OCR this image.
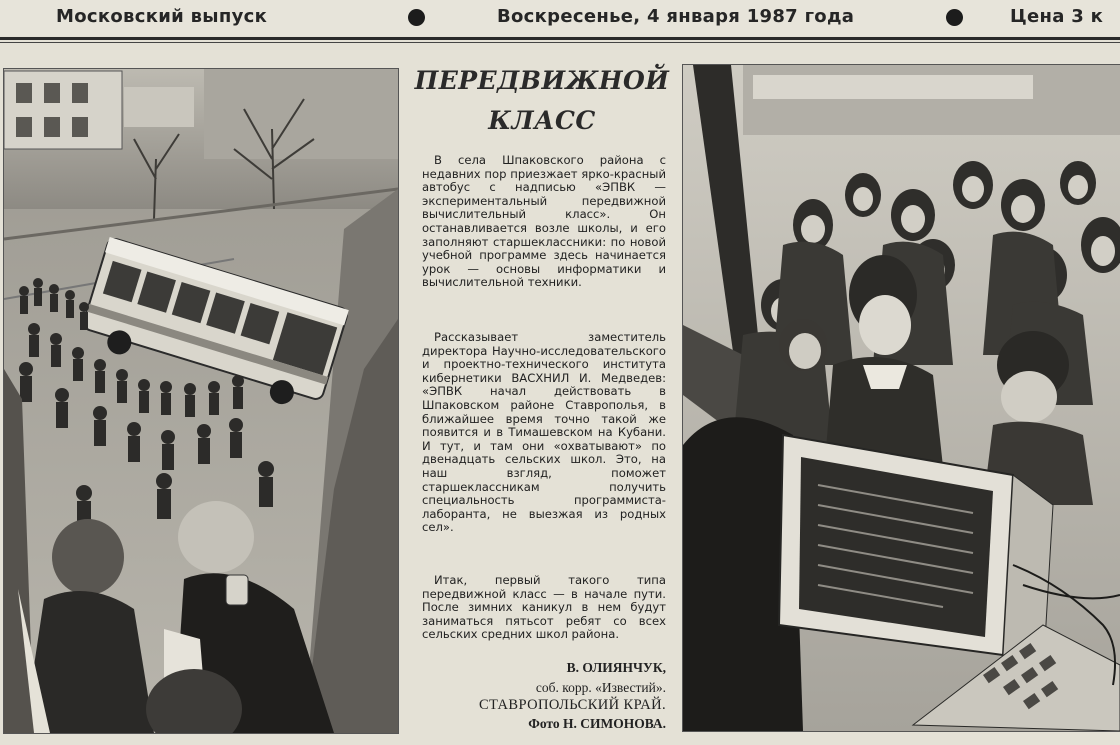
Московский выпуск	Воскресенье, 4 января 1987 года	Цена 3 к
ПЕРЕДВИЖНОЙ
КЛАСС

В села Шпаковского района с недавних пор приезжает ярко-красный автобус с надписью «ЭПВК — экспериментальный передвижной вычислительный класс». Он останавливается возле школы, и его заполняют старшеклассники: по новой учебной программе здесь начинается урок — основы информатики и вычислительной техники.

Рассказывает заместитель директора Научно-исследовательского и проектно-технического института кибернетики ВАСХНИЛ И. Медведев: «ЭПВК начал действовать в Шпаковском районе Ставрополья, в ближайшее время точно такой же появится и в Тимашевском на Кубани. И тут, и там они «охватывают» по двенадцать сельских школ. Это, на наш взгляд, поможет старшеклассникам получить специальность программиста-лаборанта, не выезжая из родных сел».

Итак, первый такого типа передвижной класс — в начале пути. После зимних каникул в нем будут заниматься пятьсот ребят со всех сельских средних школ района.

В. ОЛИЯНЧУК,
соб. корр. «Известий».
СТАВРОПОЛЬСКИЙ КРАЙ.
Фото Н. СИМОНОВА.
